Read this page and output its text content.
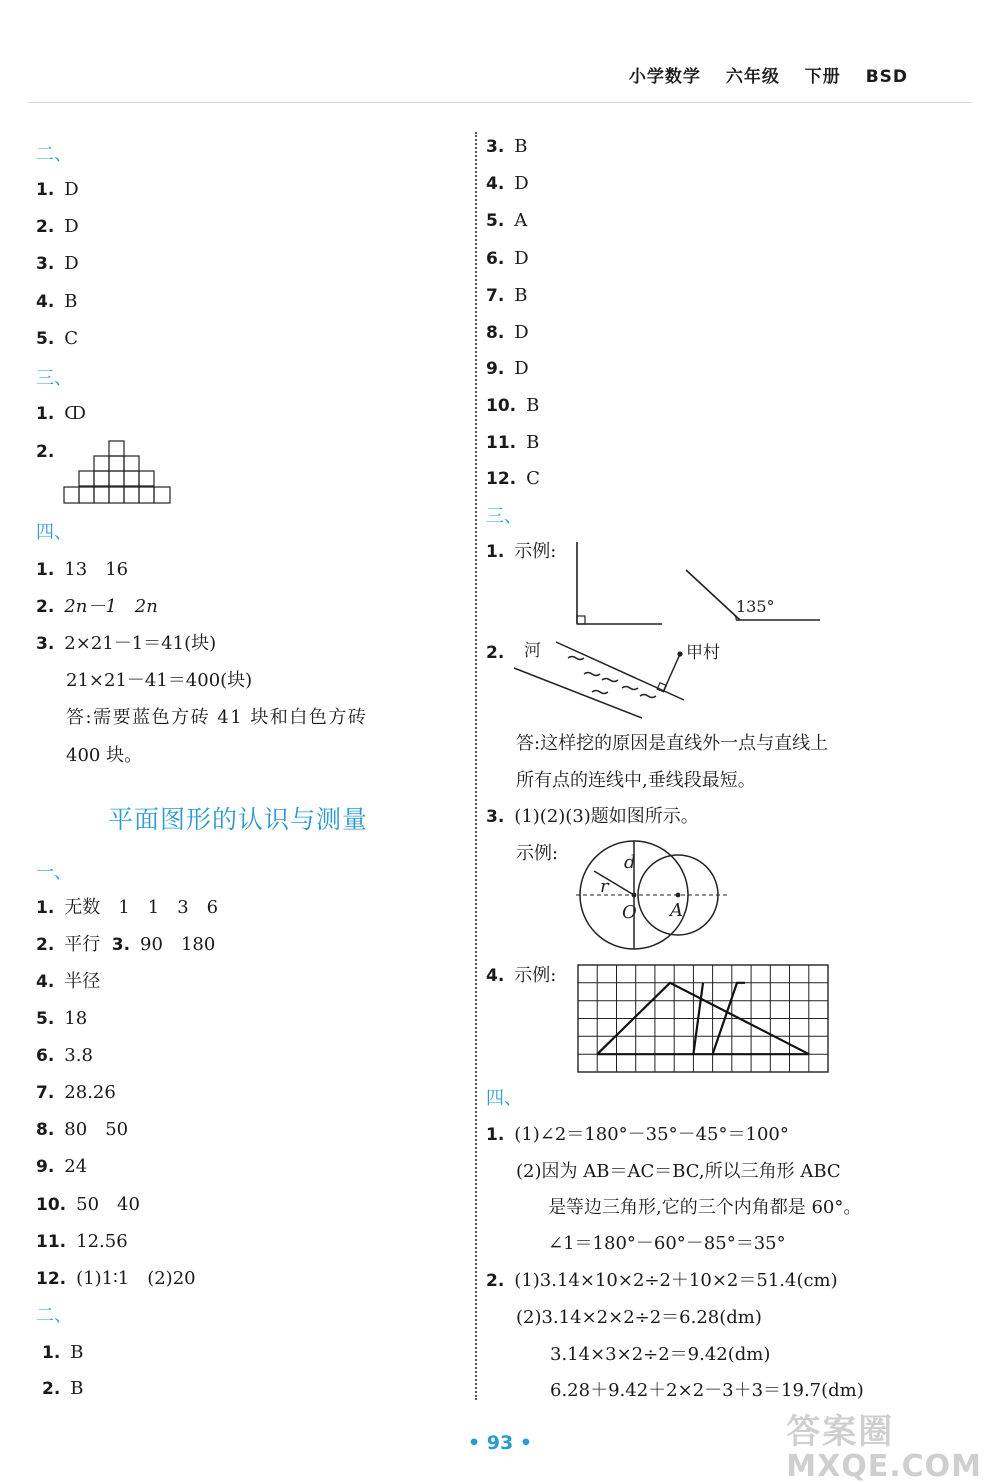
小学数学 六年级 下册 BSD
二、
1. D
2. D
3. D
4. B
5. C
三、
1. ↀ
2.
四、
1. 13　16
2. 2n－1　2n
3. 2×21－1＝41(块)
21×21－41＝400(块)
答:需要蓝色方砖 41 块和白色方砖
400 块。
平面图形的认识与测量
一、
1. 无数　1　1　3　6
2. 平行 3. 90　180
4. 半径
5. 18
6. 3.8
7. 28.26
8. 80　50
9. 24
10. 50　40
11. 12.56
12. (1)1∶1　(2)20
二、
1. B
2. B
3. B
4. D
5. A
6. D
7. B
8. D
9. D
10. B
11. B
12. C
三、
1. 示例:
135°
2. 河	甲村
答:这样挖的原因是直线外一点与直线上
所有点的连线中,垂线段最短。
3. (1)(2)(3)题如图所示。
示例:	d
r
O A
4. 示例:
四、
1. (1)∠2＝180°－35°－45°＝100°
(2)因为 AB＝AC＝BC,所以三角形 ABC
是等边三角形,它的三个内角都是 60°。
∠1＝180°－60°－85°＝35°
2. (1)3.14×10×2÷2＋10×2＝51.4(cm)
(2)3.14×2×2÷2＝6.28(dm)
3.14×3×2÷2＝9.42(dm)
6.28＋9.42＋2×2－3＋3＝19.7(dm)
• 93 •	答案圈
MXQE.COM
